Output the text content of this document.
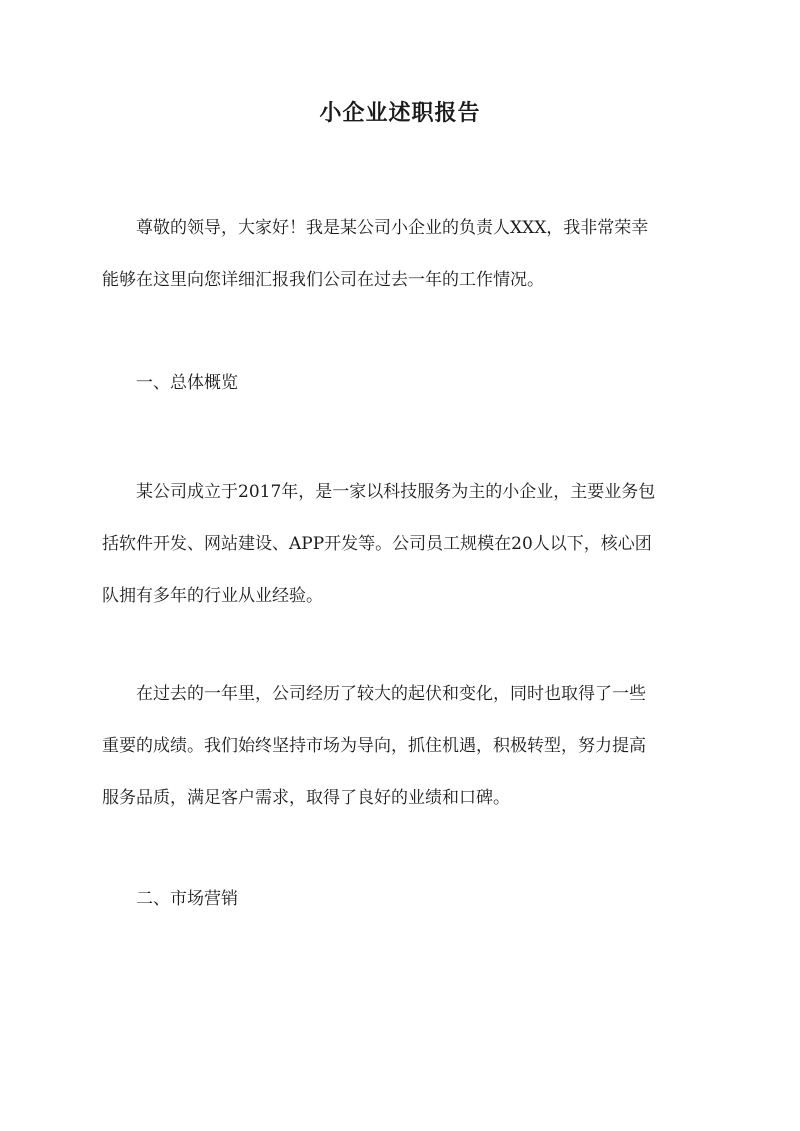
小企业述职报告
尊敬的领导，大家好！我是某公司小企业的负责人XXX，我非常荣幸
能够在这里向您详细汇报我们公司在过去一年的工作情况。
一、总体概览
某公司成立于2017年，是一家以科技服务为主的小企业，主要业务包
括软件开发、网站建设、APP开发等。公司员工规模在20人以下，核心团
队拥有多年的行业从业经验。
在过去的一年里，公司经历了较大的起伏和变化，同时也取得了一些
重要的成绩。我们始终坚持市场为导向，抓住机遇，积极转型，努力提高
服务品质，满足客户需求，取得了良好的业绩和口碑。
二、市场营销
